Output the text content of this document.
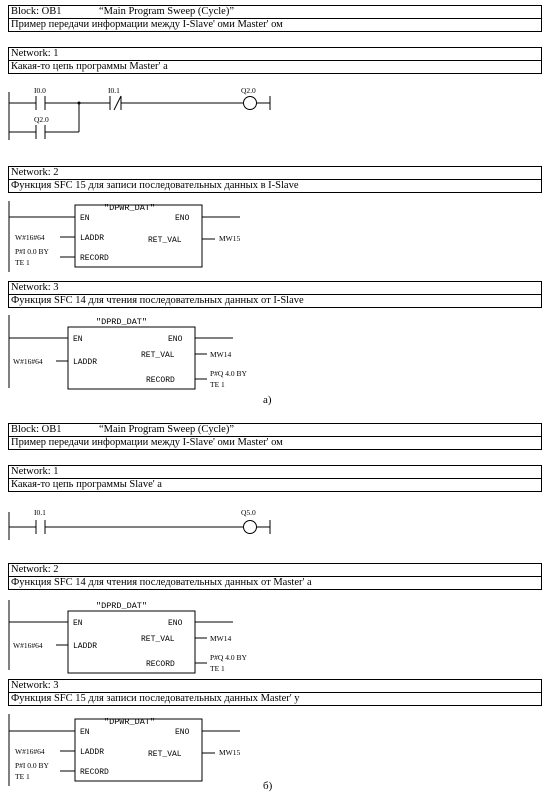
Block: OB1	“Main Program Sweep (Cycle)”
Пример передачи информации между I-Slave' оми Master' ом
Network: 1
Какая-то цепь программы Master' а
Network: 2
Функция SFC 15 для записи последовательных данных в I-Slave
Network: 3
Функция SFC 14 для чтения последовательных данных от I-Slave
а)
Block: OB1	“Main Program Sweep (Cycle)”
Пример передачи информации между I-Slave' оми Master' ом
Network: 1
Какая-то цепь программы Slave' а
Network: 2
Функция SFC 14 для чтения последовательных данных от Master' а
Network: 3
Функция SFC 15 для записи последовательных данных Master' у
б)
I0.0	I0.1
Q2.0
Q2.0
"DPWR_DAT"
EN
LADDR
RECORD
ENO
RET_VAL
W#16#64
P#I 0.0 BY
TE 1
MW15
"DPRD_DAT"
EN
LADDR
ENO
RET_VAL
RECORD
W#16#64
MW14
P#Q 4.0 BY
TE 1
I0.1	Q5.0
"DPRD_DAT"
EN
LADDR
ENO
RET_VAL
RECORD
W#16#64
MW14
P#Q 4.0 BY
TE 1
"DPWR_DAT"
EN
LADDR
RECORD
ENO
RET_VAL
W#16#64
P#I 0.0 BY
TE 1
MW15
